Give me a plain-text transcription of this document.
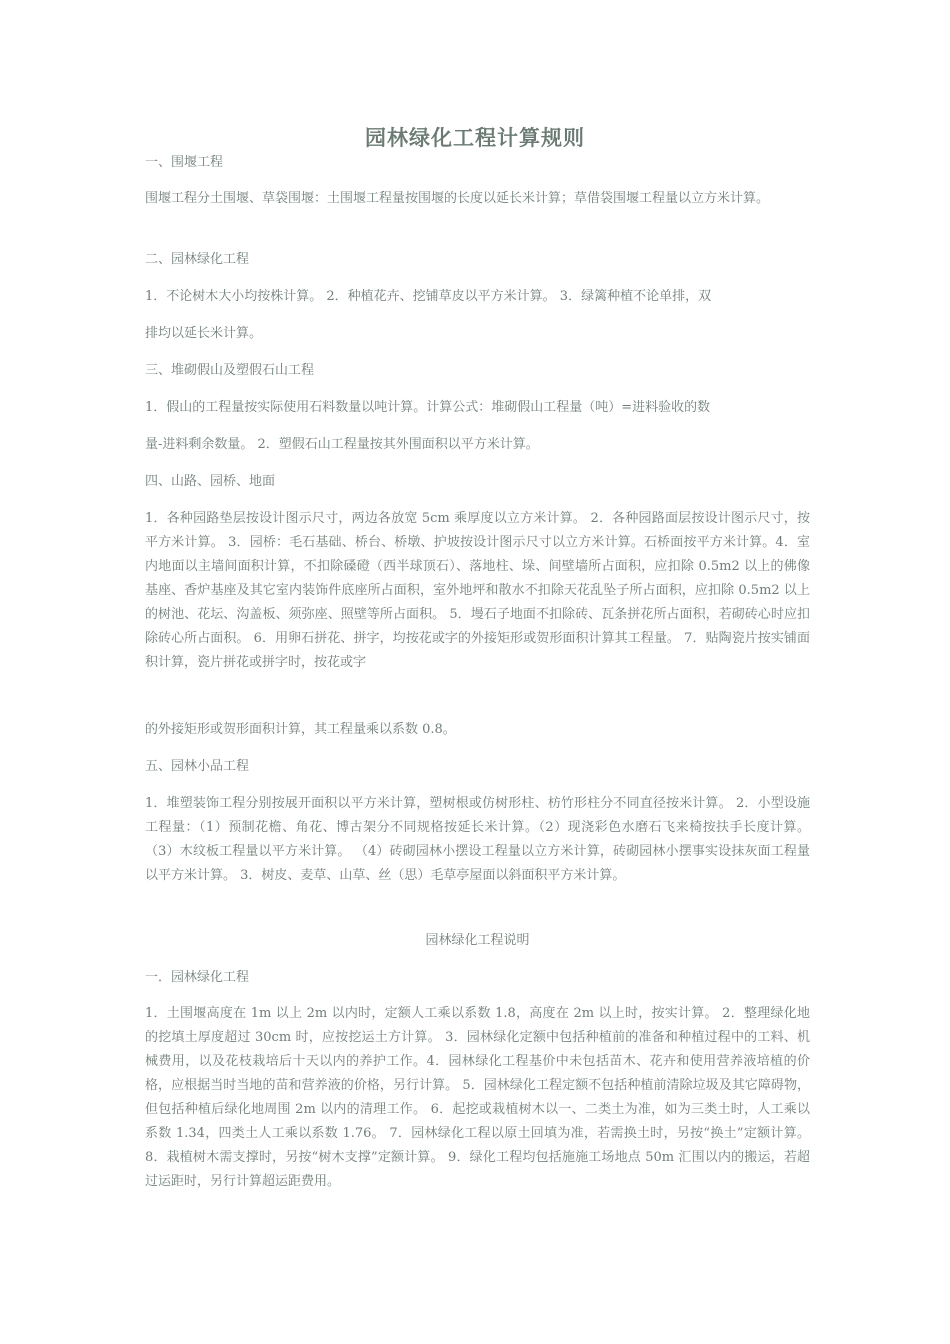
园林绿化工程计算规则
一、围堰工程
围堰工程分土围堰、草袋围堰：土围堰工程量按围堰的长度以延长米计算；草借袋围堰工程量以立方米计算。
二、园林绿化工程
1．不论树木大小均按株计算。 2．种植花卉、挖铺草皮以平方米计算。 3．绿篱种植不论单排，双
排均以延长米计算。
三、堆砌假山及塑假石山工程
1．假山的工程量按实际使用石料数量以吨计算。计算公式：堆砌假山工程量（吨）=进料验收的数
量-进料剩余数量。 2．塑假石山工程量按其外围面积以平方米计算。
四、山路、园桥、地面
1．各种园路垫层按设计图示尺寸，两边各放宽 5cm 乘厚度以立方米计算。 2．各种园路面层按设计图示尺寸，按平方米计算。 3．园桥：毛石基础、桥台、桥墩、护坡按设计图示尺寸以立方米计算。石桥面按平方米计算。4．室内地面以主墙间面积计算，不扣除磉磴（西半球顶石）、落地柱、垛、间壁墙所占面积，应扣除 0.5m2 以上的佛像基座、香炉基座及其它室内装饰件底座所占面积，室外地坪和散水不扣除天花乱坠子所占面积，应扣除 0.5m2 以上的树池、花坛、沟盖板、须弥座、照壁等所占面积。 5．墁石子地面不扣除砖、瓦条拼花所占面积，若砌砖心时应扣除砖心所占面积。 6．用卵石拼花、拼字，均按花或字的外接矩形或贺形面积计算其工程量。 7．贴陶瓷片按实铺面积计算，瓷片拼花或拼字时，按花或字
的外接矩形或贺形面积计算，其工程量乘以系数 0.8。
五、园林小品工程
1．堆塑装饰工程分别按展开面积以平方米计算，塑树根或仿树形柱、枋竹形柱分不同直径按米计算。 2．小型设施工程量：（1）预制花檐、角花、博古架分不同规格按延长米计算。（2）现浇彩色水磨石飞来椅按扶手长度计算。 （3）木纹板工程量以平方米计算。 （4）砖砌园林小摆设工程量以立方米计算，砖砌园林小摆事实设抹灰面工程量以平方米计算。 3．树皮、麦草、山草、丝（思）毛草亭屋面以斜面积平方米计算。
园林绿化工程说明
一．园林绿化工程
1．土围堰高度在 1m 以上 2m 以内时，定额人工乘以系数 1.8，高度在 2m 以上时，按实计算。 2．整理绿化地的挖填土厚度超过 30cm 时，应按挖运土方计算。 3．园林绿化定额中包括种植前的准备和种植过程中的工料、机械费用，以及花枝栽培后十天以内的养护工作。4．园林绿化工程基价中未包括苗木、花卉和使用营养液培植的价格，应根据当时当地的苗和营养液的价格，另行计算。 5．园林绿化工程定额不包括种植前清除垃圾及其它障碍物，但包括种植后绿化地周围 2m 以内的清理工作。 6．起挖或栽植树木以一、二类土为准，如为三类土时，人工乘以系数 1.34，四类土人工乘以系数 1.76。 7．园林绿化工程以原土回填为准，若需换土时，另按“换土”定额计算。 8．栽植树木需支撑时，另按“树木支撑”定额计算。 9．绿化工程均包括施施工场地点 50m 汇围以内的搬运，若超过运距时，另行计算超运距费用。
